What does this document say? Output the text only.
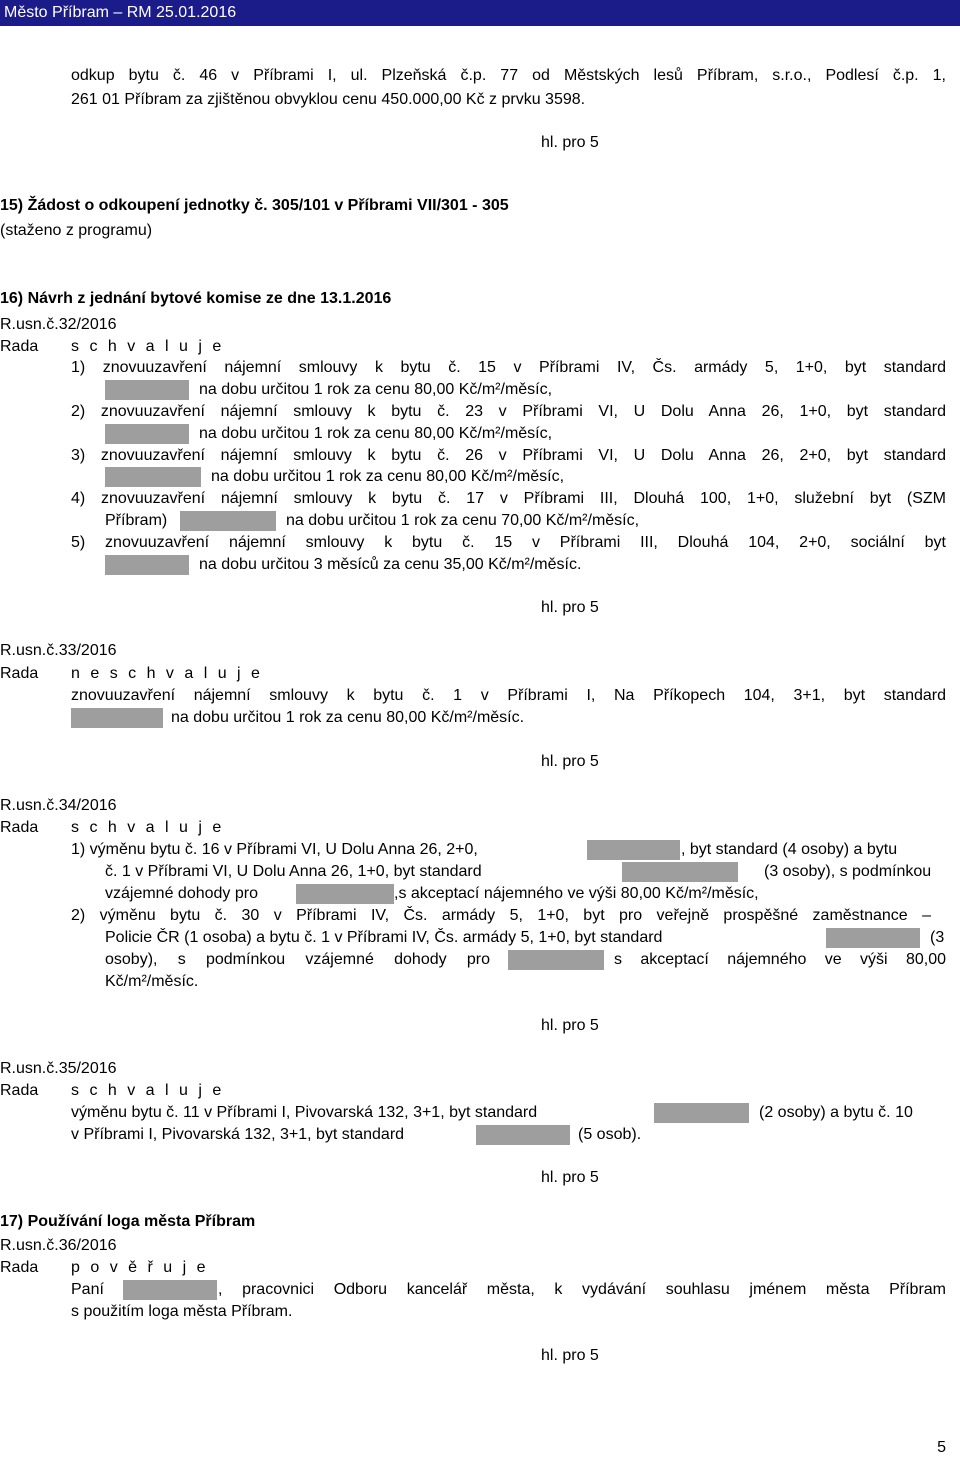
Město Příbram – RM 25.01.2016
odkup bytu č. 46 v Příbrami I, ul. Plzeňská č.p. 77 od Městských lesů Příbram, s.r.o., Podlesí č.p. 1,
261 01 Příbram za zjištěnou obvyklou cenu 450.000,00 Kč z prvku 3598.
hl. pro 5
15) Žádost o odkoupení jednotky č. 305/101 v Příbrami VII/301 - 305
(staženo z programu)
16) Návrh z jednání bytové komise ze dne 13.1.2016
R.usn.č.32/2016
Rada s c h v a l u j e
1) znovuuzavření nájemní smlouvy k bytu č. 15 v Příbrami IV, Čs. armády 5, 1+0, byt standard
na dobu určitou 1 rok za cenu 80,00 Kč/m²/měsíc,
2) znovuuzavření nájemní smlouvy k bytu č. 23 v Příbrami VI, U Dolu Anna 26, 1+0, byt standard
na dobu určitou 1 rok za cenu 80,00 Kč/m²/měsíc,
3) znovuuzavření nájemní smlouvy k bytu č. 26 v Příbrami VI, U Dolu Anna 26, 2+0, byt standard
na dobu určitou 1 rok za cenu 80,00 Kč/m²/měsíc,
4) znovuuzavření nájemní smlouvy k bytu č. 17 v Příbrami III, Dlouhá 100, 1+0, služební byt (SZM
Příbram)	na dobu určitou 1 rok za cenu 70,00 Kč/m²/měsíc,
5) znovuuzavření nájemní smlouvy k bytu č. 15 v Příbrami III, Dlouhá 104, 2+0, sociální byt
na dobu určitou 3 měsíců za cenu 35,00 Kč/m²/měsíc.
hl. pro 5
R.usn.č.33/2016
Rada n e s c h v a l u j e
znovuuzavření nájemní smlouvy k bytu č. 1 v Příbrami I, Na Příkopech 104, 3+1, byt standard
na dobu určitou 1 rok za cenu 80,00 Kč/m²/měsíc.
hl. pro 5
R.usn.č.34/2016
Rada s c h v a l u j e
1) výměnu bytu č. 16 v Příbrami VI, U Dolu Anna 26, 2+0,	, byt standard (4 osoby) a bytu
č. 1 v Příbrami VI, U Dolu Anna 26, 1+0, byt standard	(3 osoby), s podmínkou
vzájemné dohody pro	,s akceptací nájemného ve výši 80,00 Kč/m²/měsíc,
2) výměnu bytu č. 30 v Příbrami IV, Čs. armády 5, 1+0, byt pro veřejně prospěšné zaměstnance –
Policie ČR (1 osoba) a bytu č. 1 v Příbrami IV, Čs. armády 5, 1+0, byt standard	(3
osoby), s podmínkou vzájemné dohody pro	s akceptací nájemného ve výši 80,00
Kč/m²/měsíc.
hl. pro 5
R.usn.č.35/2016
Rada s c h v a l u j e
výměnu bytu č. 11 v Příbrami I, Pivovarská 132, 3+1, byt standard	(2 osoby) a bytu č. 10
v Příbrami I, Pivovarská 132, 3+1, byt standard	(5 osob).
hl. pro 5
17) Používání loga města Příbram
R.usn.č.36/2016
Rada p o v ě ř u j e
Paní	, pracovnici Odboru kancelář města, k vydávání souhlasu jménem města Příbram
s použitím loga města Příbram.
hl. pro 5
5
